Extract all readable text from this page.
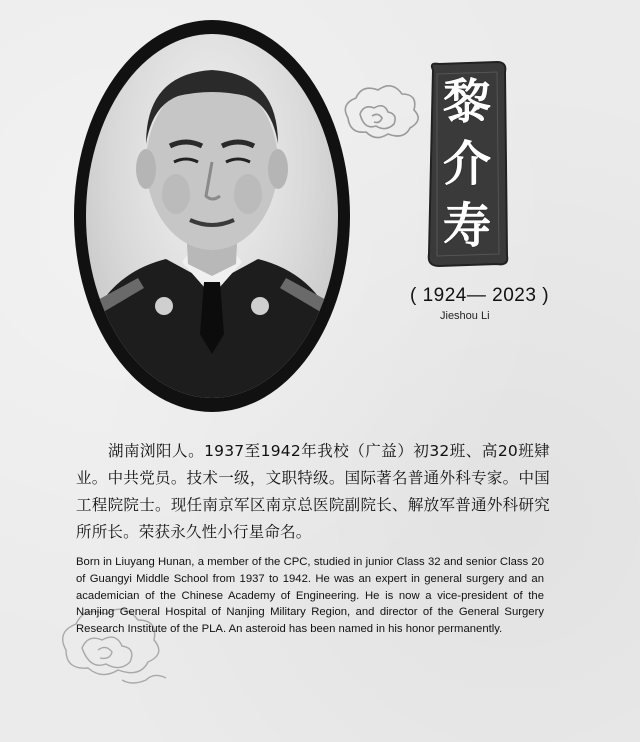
黎
介
寿
( 1924— 2023 )
Jieshou Li
湖南浏阳人。1937至1942年我校（广益）初32班、高20班肄业。中共党员。技术一级，文职特级。国际著名普通外科专家。中国工程院院士。现任南京军区南京总医院副院长、解放军普通外科研究所所长。荣获永久性小行星命名。
Born in Liuyang Hunan, a member of the CPC, studied in junior Class 32 and senior Class 20 of Guangyi Middle School from 1937 to 1942. He was an expert in general surgery and an academician of the Chinese Academy of Engineering. He is now a vice-president of the Nanjing General Hospital of Nanjing Military Region, and director of the General Surgery Research Institute of the PLA. An asteroid has been named in his honor permanently.
